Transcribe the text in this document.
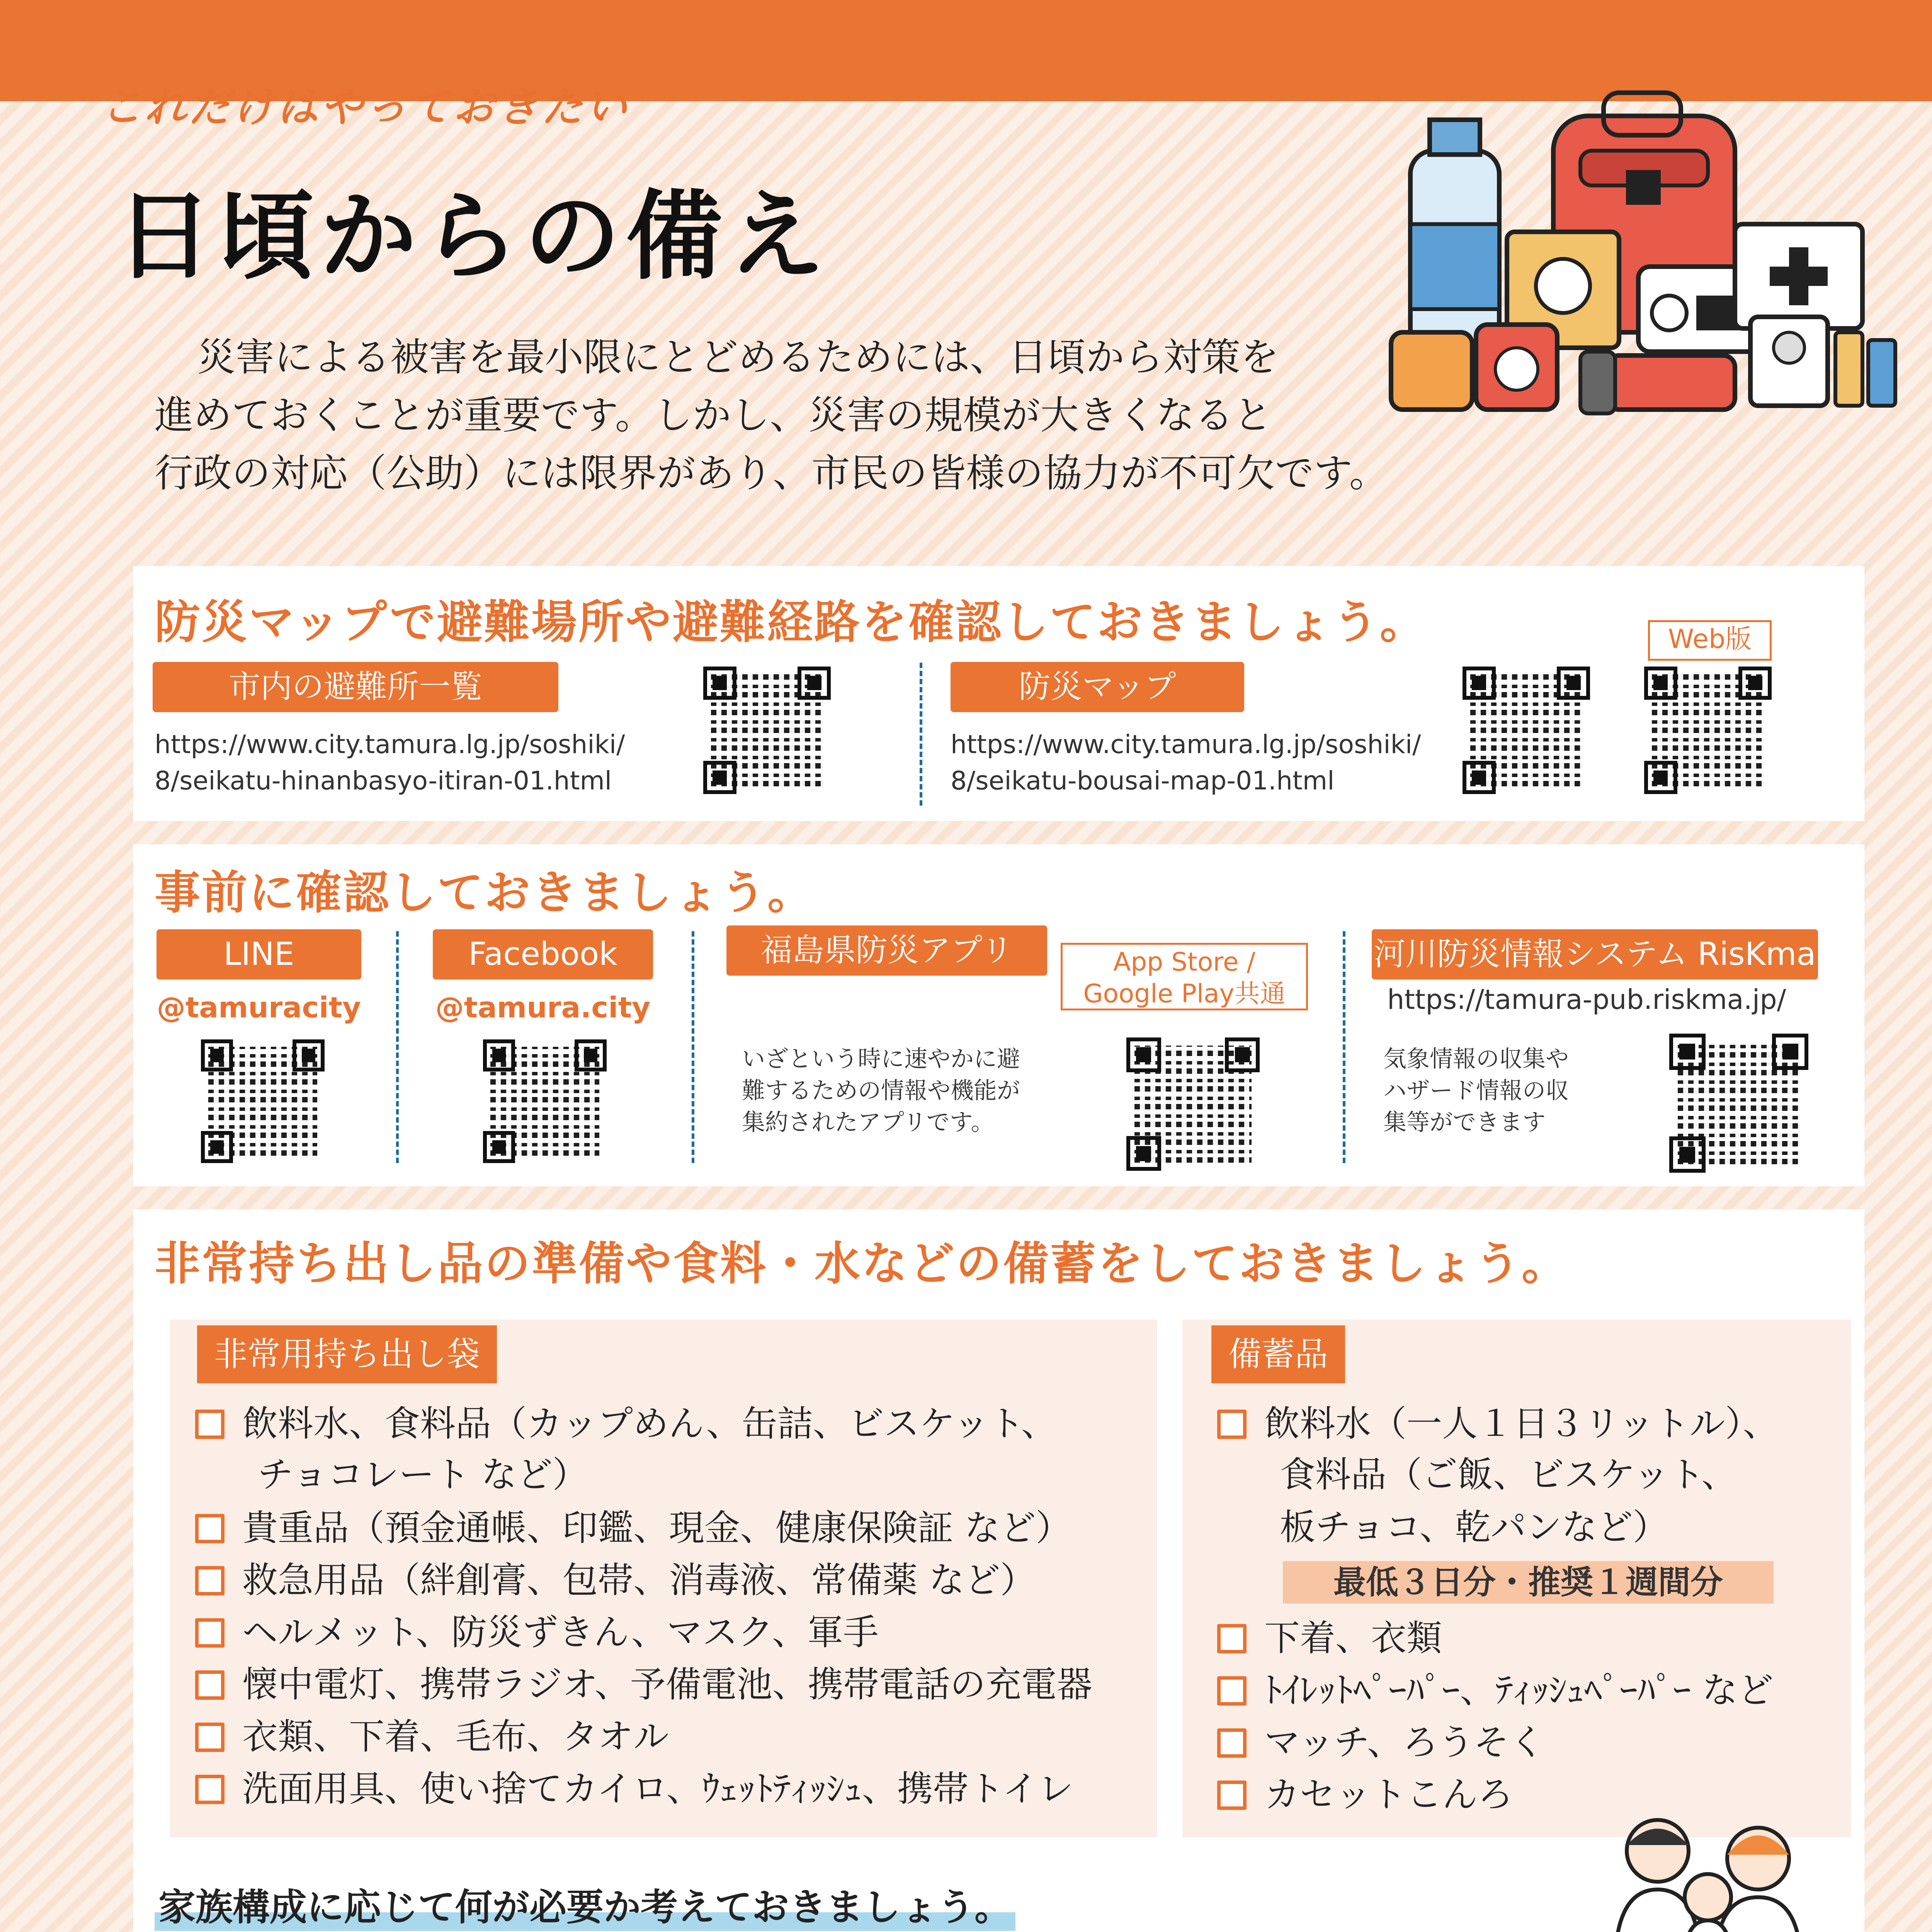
これだけはやっておきたい
日頃からの備え
災害による被害を最小限にとどめるためには、日頃から対策を
進めておくことが重要です。しかし、災害の規模が大きくなると
行政の対応（公助）には限界があり、市民の皆様の協力が不可欠です。
防災マップで避難場所や避難経路を確認しておきましょう。
市内の避難所一覧
https://www.city.tamura.lg.jp/soshiki/
8/seikatu-hinanbasyo-itiran-01.html
防災マップ
https://www.city.tamura.lg.jp/soshiki/
8/seikatu-bousai-map-01.html
Web版
事前に確認しておきましょう。
LINE
@tamuracity
Facebook
@tamura.city
福島県防災アプリ	App Store /
Google Play共通
いざという時に速やかに避
難するための情報や機能が
集約されたアプリです。
河川防災情報システム RisKma
https://tamura-pub.riskma.jp/
気象情報の収集や
ハザード情報の収
集等ができます
非常持ち出し品の準備や食料・水などの備蓄をしておきましょう。
非常用持ち出し袋
飲料水、食料品（カップめん、缶詰、ビスケット、
チョコレート など）
貴重品（預金通帳、印鑑、現金、健康保険証 など）
救急用品（絆創膏、包帯、消毒液、常備薬 など）
ヘルメット、防災ずきん、マスク、軍手
懐中電灯、携帯ラジオ、予備電池、携帯電話の充電器
衣類、下着、毛布、タオル
洗面用具、使い捨てカイロ、ｳｪｯﾄﾃｨｯｼｭ、携帯トイレ
備蓄品
飲料水（一人１日３リットル）、
食料品（ご飯、ビスケット、
板チョコ、乾パンなど）
最低３日分・推奨１週間分
下着、衣類
ﾄｲﾚｯﾄﾍﾟｰﾊﾟｰ、ﾃｨｯｼｭﾍﾟｰﾊﾟｰ など
マッチ、ろうそく
カセットこんろ
家族構成に応じて何が必要か考えておきましょう。
